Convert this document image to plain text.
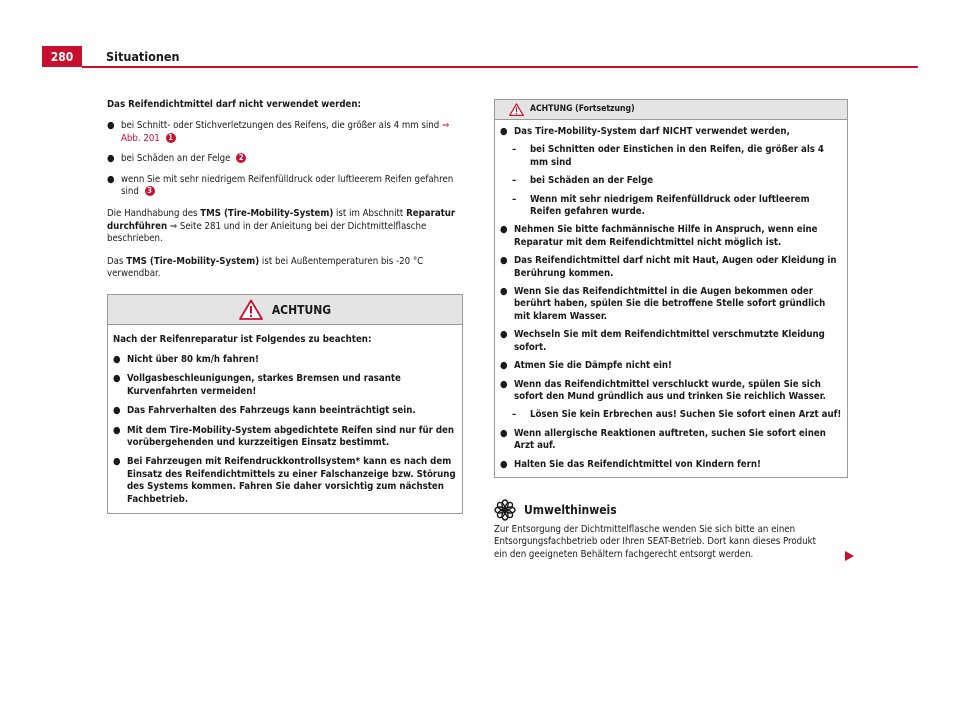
280	Situationen

Das Reifendichtmittel darf nicht verwendet werden:

● bei Schnitt- oder Stichverletzungen des Reifens, die größer als 4 mm sind ⇒ Abb. 201 1
● bei Schäden an der Felge 2
● wenn Sie mit sehr niedrigem Reifenfülldruck oder luftleerem Reifen gefahren sind 3

Die Handhabung des TMS (Tire-Mobility-System) ist im Abschnitt Reparatur durchführen ⇒ Seite 281 und in der Anleitung bei der Dichtmittelflasche beschrieben.

Das TMS (Tire-Mobility-System) ist bei Außentemperaturen bis -20 °C verwendbar.

ACHTUNG

Nach der Reifenreparatur ist Folgendes zu beachten:

● Nicht über 80 km/h fahren!
● Vollgasbeschleunigungen, starkes Bremsen und rasante Kurvenfahrten vermeiden!
● Das Fahrverhalten des Fahrzeugs kann beeinträchtigt sein.
● Mit dem Tire-Mobility-System abgedichtete Reifen sind nur für den vorübergehenden und kurzzeitigen Einsatz bestimmt.
● Bei Fahrzeugen mit Reifendruckkontrollsystem* kann es nach dem Einsatz des Reifendichtmittels zu einer Falschanzeige bzw. Störung des Systems kommen. Fahren Sie daher vorsichtig zum nächsten Fachbetrieb.
ACHTUNG (Fortsetzung)
● Das Tire-Mobility-System darf NICHT verwendet werden,
–	bei Schnitten oder Einstichen in den Reifen, die größer als 4 mm sind
–	bei Schäden an der Felge
–	Wenn mit sehr niedrigem Reifenfülldruck oder luftleerem Reifen gefahren wurde.
● Nehmen Sie bitte fachmännische Hilfe in Anspruch, wenn eine Reparatur mit dem Reifendichtmittel nicht möglich ist.
● Das Reifendichtmittel darf nicht mit Haut, Augen oder Kleidung in Berührung kommen.
● Wenn Sie das Reifendichtmittel in die Augen bekommen oder berührt haben, spülen Sie die betroffene Stelle sofort gründlich mit klarem Wasser.
● Wechseln Sie mit dem Reifendichtmittel verschmutzte Kleidung sofort.
● Atmen Sie die Dämpfe nicht ein!
● Wenn das Reifendichtmittel verschluckt wurde, spülen Sie sich sofort den Mund gründlich aus und trinken Sie reichlich Wasser.
–	Lösen Sie kein Erbrechen aus! Suchen Sie sofort einen Arzt auf!
● Wenn allergische Reaktionen auftreten, suchen Sie sofort einen Arzt auf.
● Halten Sie das Reifendichtmittel von Kindern fern!
Umwelthinweis

Zur Entsorgung der Dichtmittelflasche wenden Sie sich bitte an einen Entsorgungsfachbetrieb oder Ihren SEAT-Betrieb. Dort kann dieses Produkt ein den geeigneten Behältern fachgerecht entsorgt werden.
